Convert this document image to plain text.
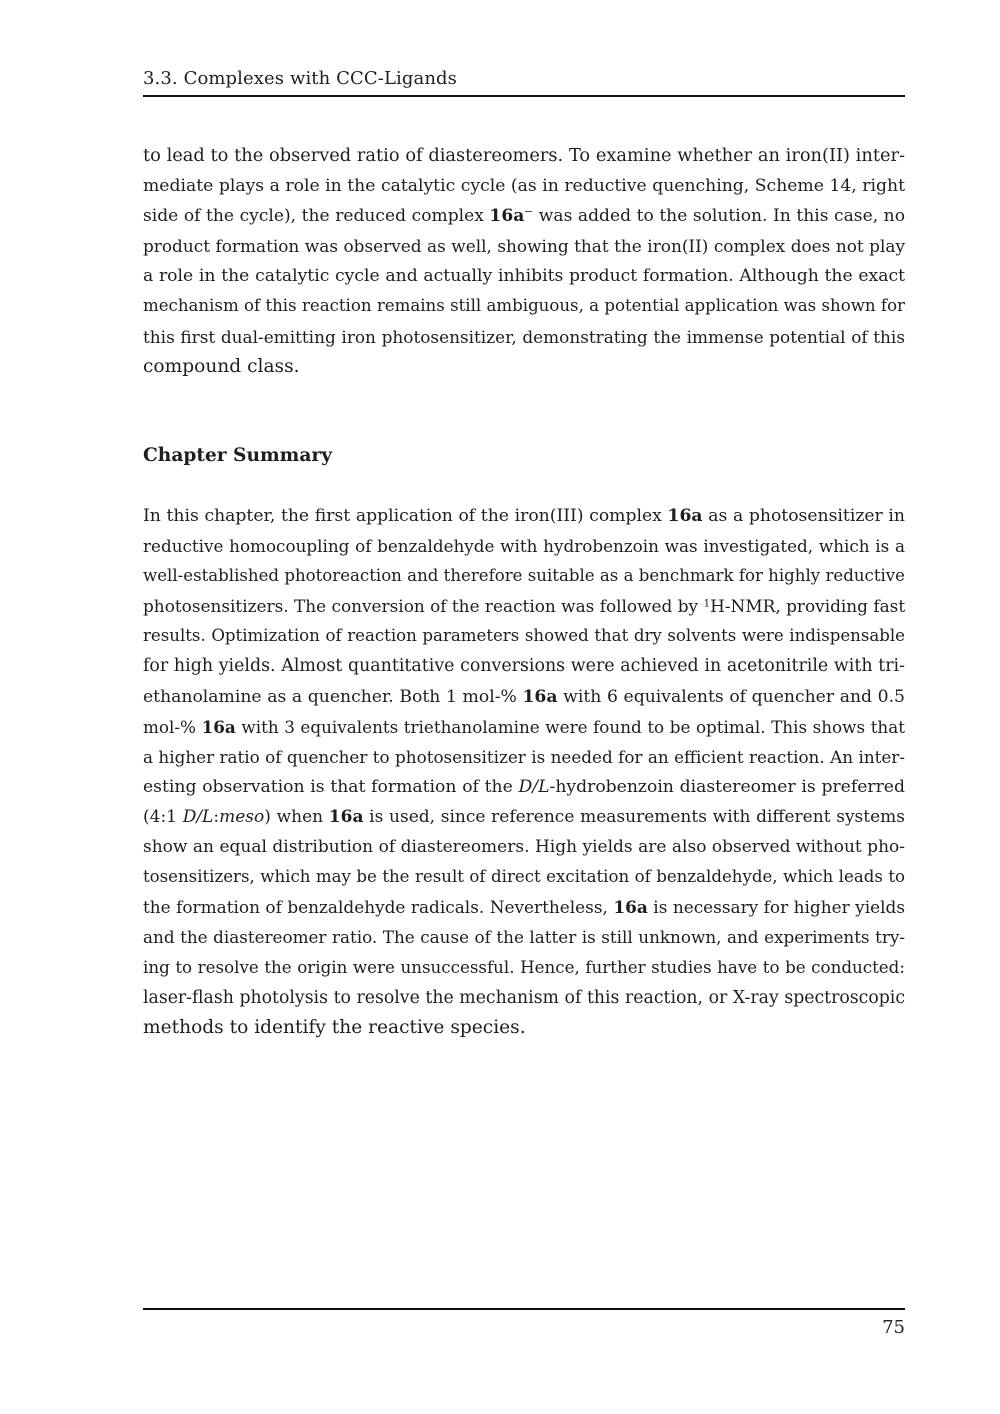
3.3. Complexes with CCC-Ligands
to lead to the observed ratio of diastereomers. To examine whether an iron(II) inter-
mediate plays a role in the catalytic cycle (as in reductive quenching, Scheme 14, right
side of the cycle), the reduced complex 16a− was added to the solution. In this case, no
product formation was observed as well, showing that the iron(II) complex does not play
a role in the catalytic cycle and actually inhibits product formation. Although the exact
mechanism of this reaction remains still ambiguous, a potential application was shown for
this first dual-emitting iron photosensitizer, demonstrating the immense potential of this
compound class.
Chapter Summary
In this chapter, the first application of the iron(III) complex 16a as a photosensitizer in
reductive homocoupling of benzaldehyde with hydrobenzoin was investigated, which is a
well-established photoreaction and therefore suitable as a benchmark for highly reductive
photosensitizers. The conversion of the reaction was followed by $^1$H-NMR, providing fast
results. Optimization of reaction parameters showed that dry solvents were indispensable
for high yields. Almost quantitative conversions were achieved in acetonitrile with tri-
ethanolamine as a quencher. Both 1 mol-% 16a with 6 equivalents of quencher and 0.5
mol-% 16a with 3 equivalents triethanolamine were found to be optimal. This shows that
a higher ratio of quencher to photosensitizer is needed for an efficient reaction. An inter-
esting observation is that formation of the D/L-hydrobenzoin diastereomer is preferred
(4:1 D/L:meso) when 16a is used, since reference measurements with different systems
show an equal distribution of diastereomers. High yields are also observed without pho-
tosensitizers, which may be the result of direct excitation of benzaldehyde, which leads to
the formation of benzaldehyde radicals. Nevertheless, 16a is necessary for higher yields
and the diastereomer ratio. The cause of the latter is still unknown, and experiments try-
ing to resolve the origin were unsuccessful. Hence, further studies have to be conducted:
laser-flash photolysis to resolve the mechanism of this reaction, or X-ray spectroscopic
methods to identify the reactive species.
75
